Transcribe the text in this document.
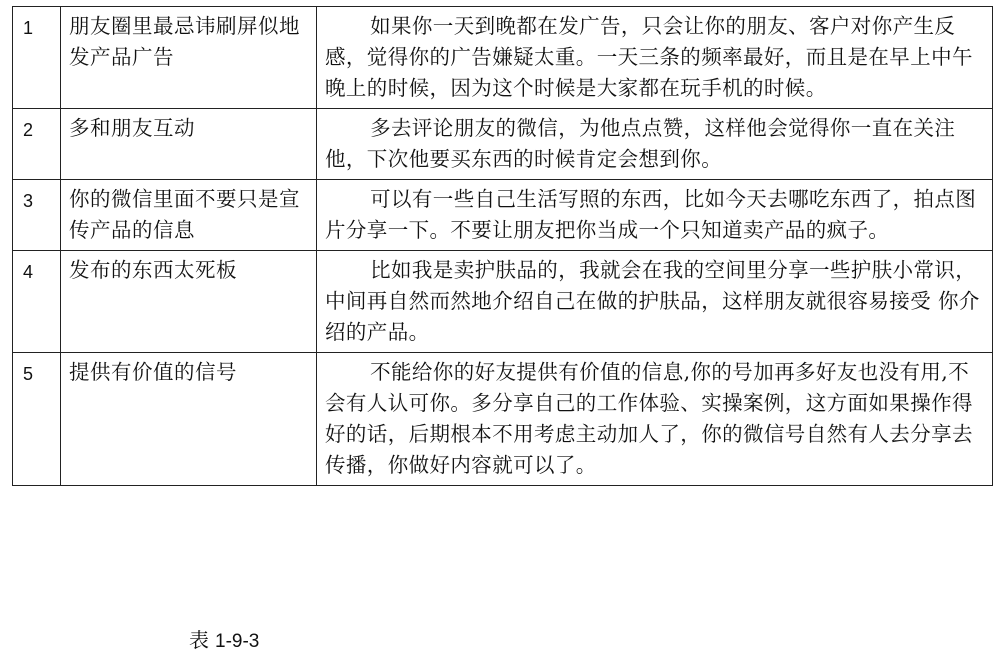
1	朋友圈里最忌讳刷屏似地发产品广告	如果你一天到晚都在发广告，只会让你的朋友、客户对你产生反感，觉得你的广告嫌疑太重。一天三条的频率最好，而且是在早上中午晚上的时候，因为这个时候是大家都在玩手机的时候。
2	多和朋友互动	多去评论朋友的微信，为他点点赞，这样他会觉得你一直在关注他，下次他要买东西的时候肯定会想到你。
3	你的微信里面不要只是宣传产品的信息	可以有一些自己生活写照的东西，比如今天去哪吃东西了，拍点图片分享一下。不要让朋友把你当成一个只知道卖产品的疯子。
4	发布的东西太死板	比如我是卖护肤品的，我就会在我的空间里分享一些护肤小常识，中间再自然而然地介绍自己在做的护肤品，这样朋友就很容易接受 你介绍的产品。
5	提供有价值的信号	不能给你的好友提供有价值的信息,你的号加再多好友也没有用,不会有人认可你。多分享自己的工作体验、实操案例，这方面如果操作得好的话，后期根本不用考虑主动加人了，你的微信号自然有人去分享去传播，你做好内容就可以了。
表 1-9-3
